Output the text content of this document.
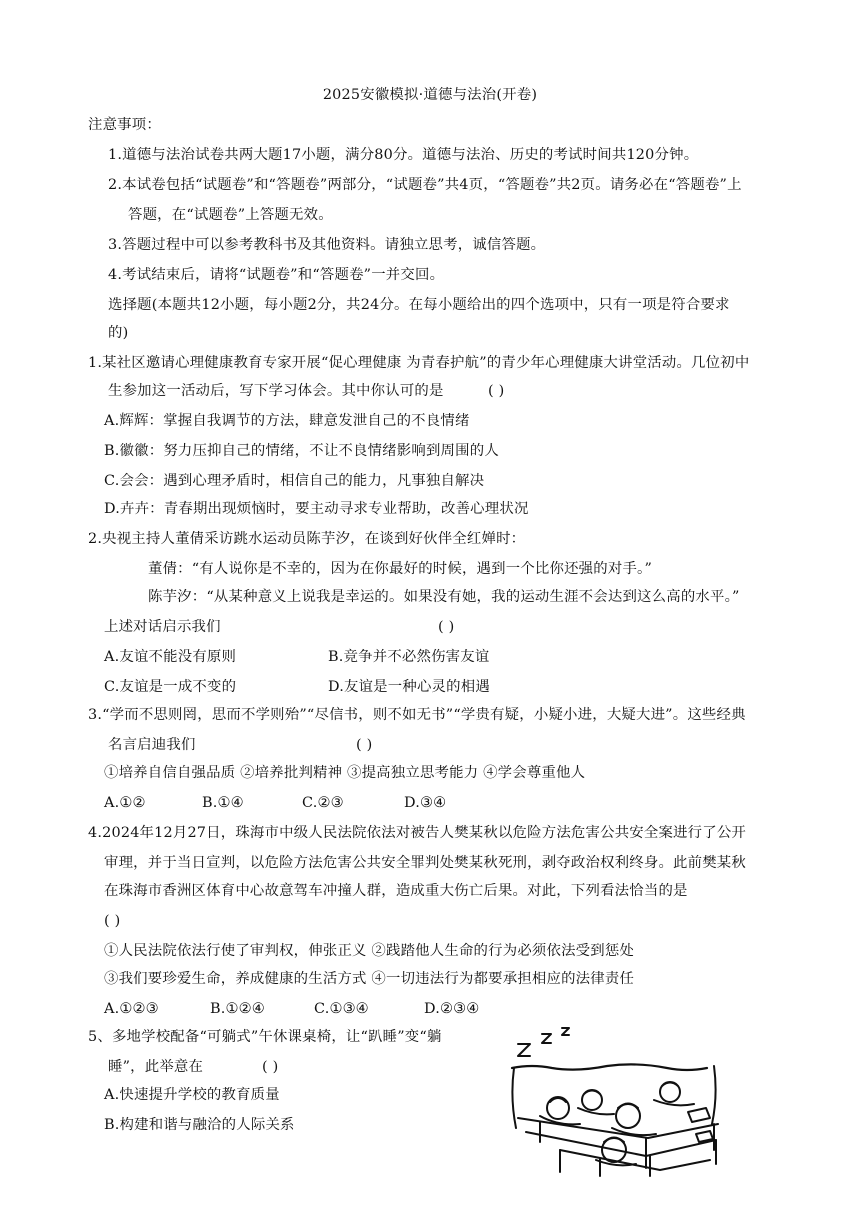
2025安徽模拟·道德与法治(开卷)
注意事项：
1.道德与法治试卷共两大题17小题，满分80分。道德与法治、历史的考试时间共120分钟。
2.本试卷包括“试题卷”和“答题卷”两部分，“试题卷”共4页，“答题卷”共2页。请务必在“答题卷”上
答题，在“试题卷”上答题无效。
3.答题过程中可以参考教科书及其他资料。请独立思考，诚信答题。
4.考试结束后，请将“试题卷”和“答题卷”一并交回。
选择题(本题共12小题，每小题2分，共24分。在每小题给出的四个选项中，只有一项是符合要求
的)
1.某社区邀请心理健康教育专家开展“促心理健康 为青春护航”的青少年心理健康大讲堂活动。几位初中
生参加这一活动后，写下学习体会。其中你认可的是	( )
A.辉辉：掌握自我调节的方法，肆意发泄自己的不良情绪
B.徽徽：努力压抑自己的情绪，不让不良情绪影响到周围的人
C.会会：遇到心理矛盾时，相信自己的能力，凡事独自解决
D.卉卉：青春期出现烦恼时，要主动寻求专业帮助，改善心理状况
2.央视主持人董倩采访跳水运动员陈芋汐，在谈到好伙伴全红婵时：
董倩：“有人说你是不幸的，因为在你最好的时候，遇到一个比你还强的对手。”
陈芋汐：“从某种意义上说我是幸运的。如果没有她，我的运动生涯不会达到这么高的水平。”
上述对话启示我们	( )
A.友谊不能没有原则	B.竞争并不必然伤害友谊
C.友谊是一成不变的	D.友谊是一种心灵的相遇
3.“学而不思则罔，思而不学则殆”“尽信书，则不如无书”“学贵有疑，小疑小进，大疑大进”。这些经典
名言启迪我们	( )
①培养自信自强品质 ②培养批判精神 ③提高独立思考能力 ④学会尊重他人
A.①②	B.①④	C.②③	D.③④
4.2024年12月27日，珠海市中级人民法院依法对被告人樊某秋以危险方法危害公共安全案进行了公开
审理，并于当日宣判，以危险方法危害公共安全罪判处樊某秋死刑，剥夺政治权利终身。此前樊某秋
在珠海市香洲区体育中心故意驾车冲撞人群，造成重大伤亡后果。对此，下列看法恰当的是
( )
①人民法院依法行使了审判权，伸张正义 ②践踏他人生命的行为必须依法受到惩处
③我们要珍爱生命，养成健康的生活方式 ④一切违法行为都要承担相应的法律责任
A.①②③	B.①②④	C.①③④	D.②③④
5、多地学校配备“可躺式”午休课桌椅，让“趴睡”变“躺
睡”，此举意在	( )
A.快速提升学校的教育质量
B.构建和谐与融洽的人际关系
